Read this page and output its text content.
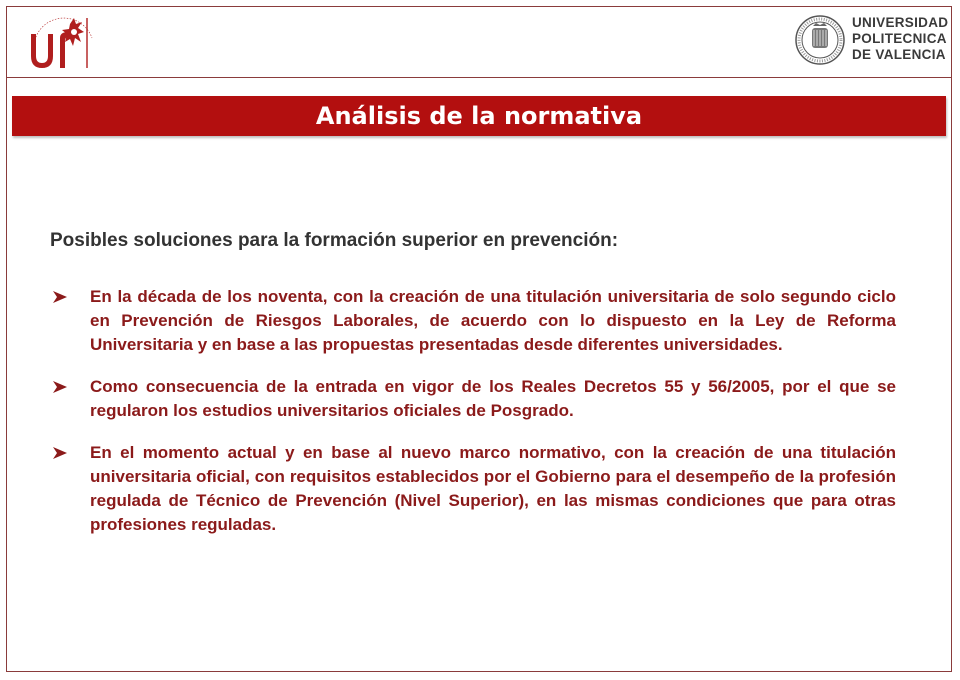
UNIVERSIDAD
POLITECNICA
DE VALENCIA
Análisis de la normativa
Posibles soluciones para la formación superior en prevención:
En la década de los noventa, con la creación de una titulación universitaria de solo segundo ciclo en Prevención de Riesgos Laborales, de acuerdo con lo dispuesto en la Ley de Reforma Universitaria y en base a las propuestas presentadas desde diferentes universidades.
Como consecuencia de la entrada en vigor de los Reales Decretos 55 y 56/2005, por el que se regularon los estudios universitarios oficiales de Posgrado.
En el momento actual y en base al nuevo marco normativo, con la creación de una titulación universitaria oficial, con requisitos establecidos por el Gobierno para el desempeño de la profesión regulada de Técnico de Prevención (Nivel Superior), en las mismas condiciones que para otras profesiones reguladas.
